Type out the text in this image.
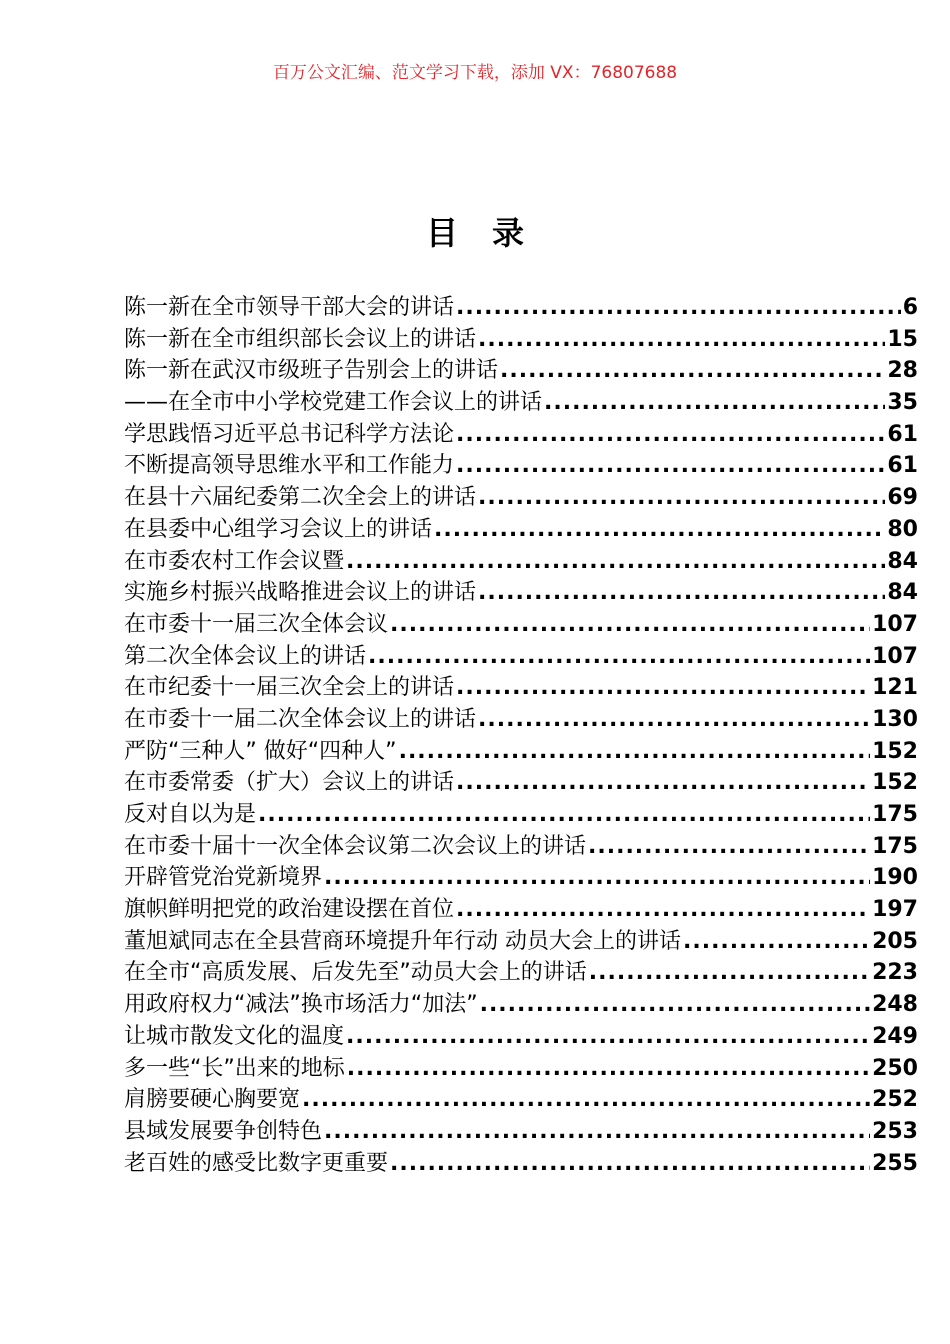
百万公文汇编、范文学习下载，添加 VX：76807688
目录
陈一新在全市领导干部大会的讲话 .....	6
陈一新在全市组织部长会议上的讲话 .....	15
陈一新在武汉市级班子告别会上的讲话 .....	28
——在全市中小学校党建工作会议上的讲话 .....	35
学思践悟习近平总书记科学方法论 .....	61
不断提高领导思维水平和工作能力 .....	61
在县十六届纪委第二次全会上的讲话 .....	69
在县委中心组学习会议上的讲话 .....	80
在市委农村工作会议暨 .....	84
实施乡村振兴战略推进会议上的讲话 .....	84
在市委十一届三次全体会议 .....	107
第二次全体会议上的讲话 .....	107
在市纪委十一届三次全会上的讲话 .....	121
在市委十一届二次全体会议上的讲话 .....	130
严防“三种人” 做好“四种人” .....	152
在市委常委（扩大）会议上的讲话 .....	152
反对自以为是 .....	175
在市委十届十一次全体会议第二次会议上的讲话 .....	175
开辟管党治党新境界 .....	190
旗帜鲜明把党的政治建设摆在首位 .....	197
董旭斌同志在全县营商环境提升年行动 动员大会上的讲话 .....	205
在全市“高质发展、后发先至”动员大会上的讲话 .....	223
用政府权力“减法”换市场活力“加法” .....	248
让城市散发文化的温度 .....	249
多一些“长”出来的地标 .....	250
肩膀要硬心胸要宽 .....	252
县域发展要争创特色 .....	253
老百姓的感受比数字更重要 .....	255
